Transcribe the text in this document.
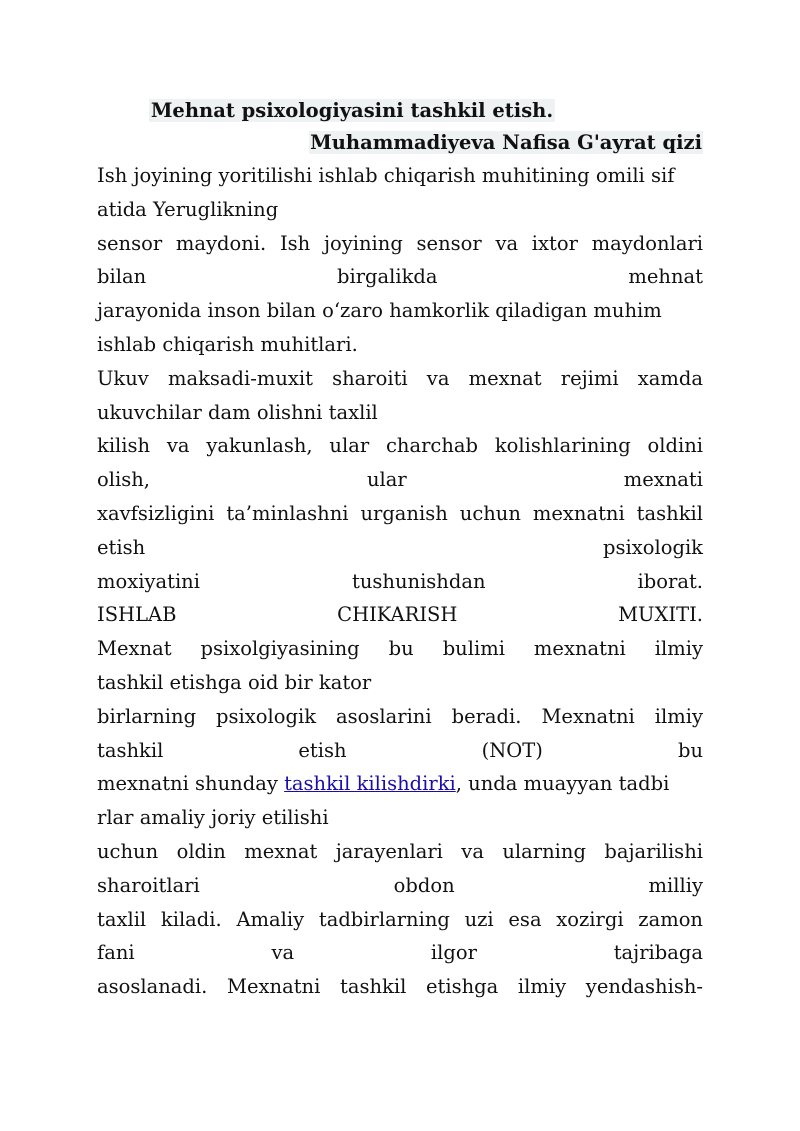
Mehnat psixologiyasini tashkil etish.

Muhammadiyeva Nafisa G'ayrat qizi

Ish joyining yoritilishi ishlab chiqarish muhitining omili sif
atida Yeruglikning
sensor maydoni. Ish joyining sensor va ixtor maydonlari
bilan birgalikda mehnat
jarayonida inson bilan o‘zaro hamkorlik qiladigan muhim
ishlab chiqarish muhitlari.
Ukuv maksadi-muxit sharoiti va mexnat rejimi xamda
ukuvchilar dam olishni taxlil
kilish va yakunlash, ular charchab kolishlarining oldini
olish, ular mexnati
xavfsizligini ta’minlashni urganish uchun mexnatni tashkil
etish psixologik
moxiyatini tushunishdan iborat.
ISHLAB CHIKARISH MUXITI.
Mexnat psixolgiyasining bu bulimi mexnatni ilmiy
tashkil etishga oid bir kator
birlarning psixologik asoslarini beradi. Mexnatni ilmiy
tashkil etish (NOT) bu
mexnatni shunday tashkil kilishdirki, unda muayyan tadbi
rlar amaliy joriy etilishi
uchun oldin mexnat jarayenlari va ularning bajarilishi
sharoitlari obdon milliy
taxlil kiladi. Amaliy tadbirlarning uzi esa xozirgi zamon
fani va ilgor tajribaga
asoslanadi. Mexnatni tashkil etishga ilmiy yendashish-
